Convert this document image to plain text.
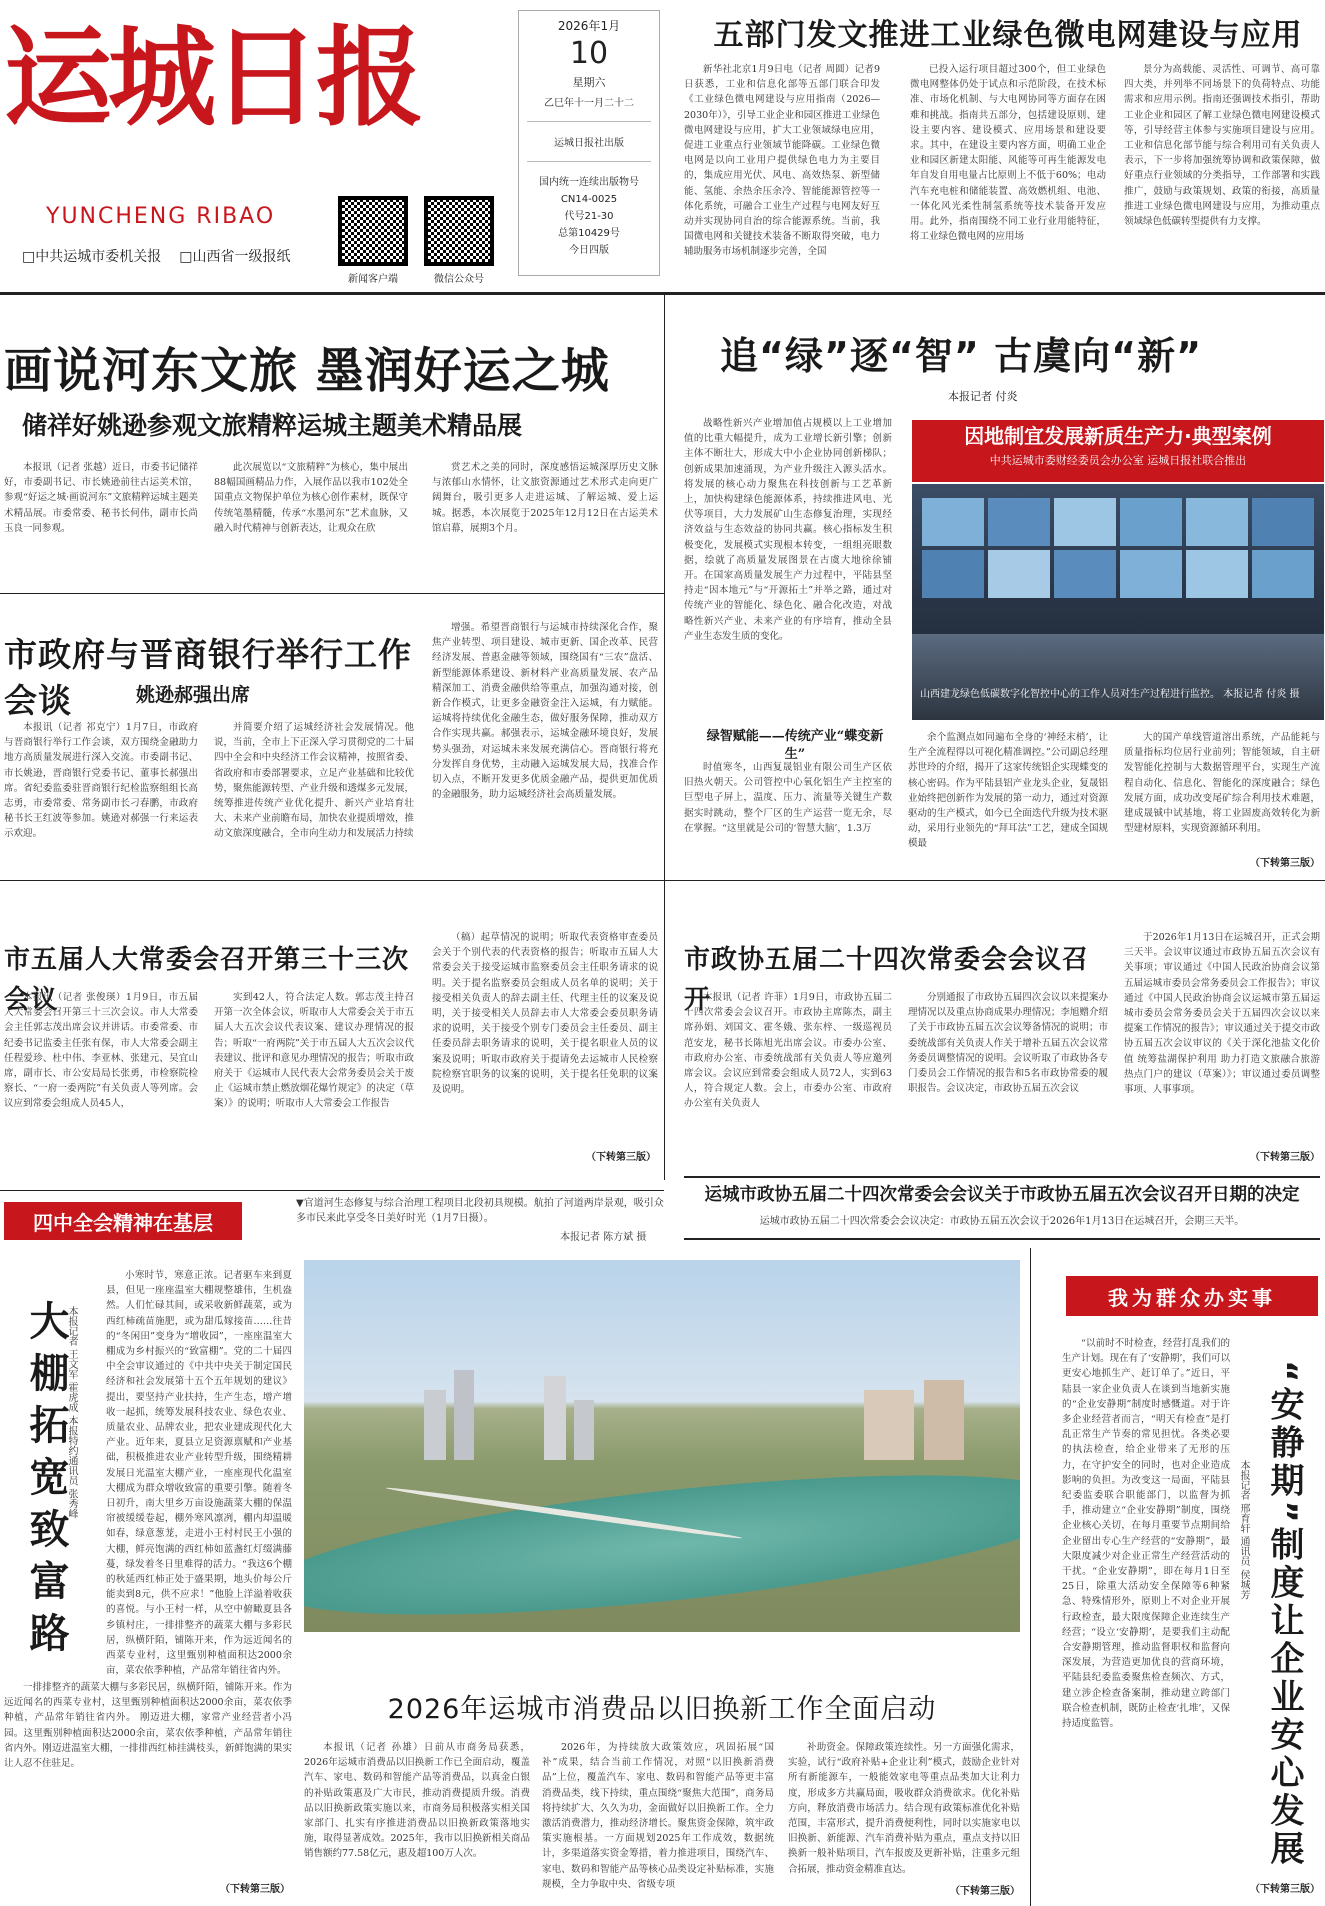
运城日报
YUNCHENG RIBAO
□中共运城市委机关报 □山西省一级报纸
2026年1月
10
星期六
乙巳年十一月二十二
运城日报社出版
国内统一连续出版物号
CN14-0025
代号21-30
总第10429号
今日四版
新闻客户端	微信公众号
五部门发文推进工业绿色微电网建设与应用

新华社北京1月9日电（记者 周圆）记者9日获悉，工业和信息化部等五部门联合印发《工业绿色微电网建设与应用指南（2026—2030年）》，引导工业企业和园区推进工业绿色微电网建设与应用，扩大工业领域绿电应用，促进工业重点行业领域节能降碳。工业绿色微电网是以向工业用户提供绿色电力为主要目的，集成应用光伏、风电、高效热泵、新型储能、氢能、余热余压余冷、智能能源管控等一体化系统，可融合工业生产过程与电网友好互动并实现协同自治的综合能源系统。当前，我国微电网和关键技术装备不断取得突破，电力辅助服务市场机制逐步完善，全国

已投入运行项目超过300个，但工业绿色微电网整体仍处于试点和示范阶段，在技术标准、市场化机制、与大电网协同等方面存在困难和挑战。指南共五部分，包括建设原则、建设主要内容、建设模式、应用场景和建设要求。其中，在建设主要内容方面，明确工业企业和园区新建太阳能、风能等可再生能源发电年自发自用电量占比原则上不低于60%；电动汽车充电桩和储能装置、高效燃机组、电池、一体化风光柔性制氢系统等技术装备开发应用。此外，指南围绕不同工业行业用能特征，将工业绿色微电网的应用场

景分为高载能、灵活性、可调节、高可靠四大类，并列举不同场景下的负荷特点、功能需求和应用示例。指南还强调技术指引，帮助工业企业和园区了解工业绿色微电网建设模式等，引导经营主体参与实施项目建设与应用。工业和信息化部节能与综合利用司有关负责人表示，下一步将加强统筹协调和政策保障，做好重点行业领域的分类指导，工作部署和实践推广，鼓励与政策规划、政策的衔接，高质量推进工业绿色微电网建设与应用，为推动重点领域绿色低碳转型提供有力支撑。

画说河东文旅 墨润好运之城
储祥好姚逊参观文旅精粹运城主题美术精品展

本报讯（记者 张越）近日，市委书记储祥好，市委副书记、市长姚逊前往古运美术馆，参观“好运之城·画说河东”文旅精粹运城主题美术精品展。市委常委、秘书长何伟，副市长尚玉良一同参观。

此次展览以“文旅精粹”为核心，集中展出88幅国画精品力作，入展作品以我市102处全国重点文物保护单位为核心创作素材，既保守传统笔墨精髓，传承“水墨河东”艺术血脉，又融入时代精神与创新表达，让观众在欣

赏艺术之美的同时，深度感悟运城深厚历史文脉与浓郁山水情怀，让文旅资源通过艺术形式走向更广阔舞台，吸引更多人走进运城、了解运城、爱上运城。据悉，本次展览于2025年12月12日在古运美术馆启幕，展期3个月。

市政府与晋商银行举行工作会谈	姚逊郝强出席

本报讯（记者 祁克宁）1月7日，市政府与晋商银行举行工作会谈，双方围绕金融助力地方高质量发展进行深入交流。市委副书记、市长姚逊，晋商银行党委书记、董事长郝强出席。省纪委监委驻晋商银行纪检监察组组长高志勇，市委常委、常务副市长刁春鹏，市政府秘书长王红波等参加。姚逊对郝强一行来运表示欢迎。

并简要介绍了运城经济社会发展情况。他说，当前，全市上下正深入学习贯彻党的二十届四中全会和中央经济工作会议精神，按照省委、省政府和市委部署要求，立足产业基础和比较优势，聚焦能源转型、产业升级和透煤多元发展，统筹推进传统产业优化提升、新兴产业培育壮大、未来产业前瞻布局，加快农业提质增效，推动文旅深度融合，全市向生动力和发展活力持续

增强。希望晋商银行与运城市持续深化合作，聚焦产业转型、项目建设、城市更新、国企改革、民营经济发展、普惠金融等领域，围绕国有“三农”盘活、新型能源体系建设、新材料产业高质量发展、农产品精深加工、消费金融供给等重点，加强沟通对接，创新合作模式，让更多金融资金注入运城，有力赋能。运城将持续优化金融生态，做好服务保障，推动双方合作实现共赢。郝强表示，运城金融环境良好，发展势头强劲，对运城未来发展充满信心。晋商银行将充分发挥自身优势，主动融入运城发展大局，找准合作切入点，不断开发更多优质金融产品，提供更加优质的金融服务，助力运城经济社会高质量发展。

追“绿”逐“智” 古虞向“新”
本报记者 付炎

战略性新兴产业增加值占规模以上工业增加值的比重大幅提升，成为工业增长新引擎；创新主体不断壮大，形成大中小企业协同创新梯队；创新成果加速涌现，为产业升级注入源头活水。将发展的核心动力聚焦在科技创新与工艺革新上，加快构建绿色能源体系，持续推进风电、光伏等项目，大力发展矿山生态修复治理，实现经济效益与生态效益的协同共赢。核心指标发生积极变化，发展模式实现根本转变，一组组亮眼数据，绘就了高质量发展图景在古虞大地徐徐铺开。在国家高质量发展生产力过程中，平陆县坚持走“因本地元”与“开源拓土”并举之路，通过对传统产业的智能化、绿色化、融合化改造，对战略性新兴产业、未来产业的有序培育，推动全县产业生态发生质的变化。

因地制宜发展新质生产力·典型案例
中共运城市委财经委员会办公室 运城日报社联合推出
山西建龙绿色低碳数字化智控中心的工作人员对生产过程进行监控。 本报记者 付炎 摄
绿智赋能——传统产业“蝶变新生”

时值寒冬，山西复晟铝业有限公司生产区依旧热火朝天。公司管控中心氧化铝生产主控室的巨型电子屏上，温度、压力、流量等关键生产数据实时跳动，整个厂区的生产运营一览无余，尽在掌握。“这里就是公司的‘智慧大脑’，1.3万

余个监测点如同遍布全身的‘神经末梢’，让生产全流程得以可视化精准调控。”公司副总经理苏世玲的介绍，揭开了这家传统铝企实现蝶变的核心密码。作为平陆县铝产业龙头企业，复晟铝业始终把创新作为发展的第一动力，通过对资源驱动的生产模式，如今已全面迭代升级为技术驱动，采用行业领先的“拜耳法”工艺，建成全国规模最

大的国产单线管道溶出系统，产品能耗与质量指标均位居行业前列；智能领域，自主研发智能化控制与大数据管理平台，实现生产流程自动化、信息化、智能化的深度融合；绿色发展方面，成功改变尾矿综合利用技术难题，建成晟铖中试基地，将工业固废高效转化为新型建材原料，实现资源循环利用。

（下转第三版）
市五届人大常委会召开第三十三次会议

本报讯（记者 张俊瑛）1月9日，市五届人大常委会召开第三十三次会议。市人大常委会主任郭志茂出席会议并讲话。市委常委、市纪委书记监委主任张有保，市人大常委会副主任程爱珍、杜中伟、李亚林、张建元、吴宜山席，副市长、市公安局局长张勇，市检察院检察长、“一府一委两院”有关负责人等列席。会议应到常委会组成人员45人，

实到42人，符合法定人数。郭志茂主持召开第一次全体会议，听取市人大常委会关于市五届人大五次会议代表议案、建议办理情况的报告；听取“一府两院”关于市五届人大五次会议代表建议、批评和意见办理情况的报告；听取市政府关于《运城市人民代表大会常务委员会关于废止《运城市禁止燃放烟花爆竹规定》的决定（草案）》的说明；听取市人大常委会工作报告

（稿）起草情况的说明；听取代表资格审查委员会关于个别代表的代表资格的报告；听取市五届人大常委会关于接受运城市监察委员会主任职务请求的说明。关于提名监察委员会组成人员名单的说明；关于接受相关负责人的辞去副主任、代理主任的议案及说明，关于接受相关人员辞去市人大常委会委员职务请求的说明，关于接受个别专门委员会主任委员、副主任委员辞去职务请求的说明，关于提名职业人员的议案及说明；听取市政府关于提请免去运城市人民检察院检察官职务的议案的说明，关于提名任免职的议案及说明。

（下转第三版）
市政协五届二十四次常委会会议召开

本报讯（记者 许菲）1月9日，市政协五届二十四次常委会会议召开。市政协主席陈杰，副主席孙娟、刘国文、霍冬娥、张东梓、一级巡视员范安龙，秘书长陈旭光出席会议。市委办公室、市政府办公室、市委统战部有关负责人等应邀列席会议。会议应到常委会组成人员72人，实到63人，符合规定人数。会上，市委办公室、市政府办公室有关负责人

分别通报了市政协五届四次会议以来提案办理情况以及重点协商成果办理情况；李旭赠介绍了关于市政协五届五次会议筹备情况的说明；市委统战部有关负责人作关于增补五届五次会议常务委员调整情况的说明。会议听取了市政协各专门委员会工作情况的报告和5名市政协常委的履职报告。会议决定，市政协五届五次会议

于2026年1月13日在运城召开，正式会期三天半。会议审议通过市政协五届五次会议有关事项；审议通过《中国人民政治协商会议第五届运城市委员会常务委员会工作报告》；审议通过《中国人民政治协商会议运城市第五届运城市委员会常务委员会关于五届四次会议以来提案工作情况的报告》；审议通过关于提交市政协五届五次会议审议的《关于深化池盐文化价值 统筹盐湖保护利用 助力打造文旅融合旅游热点门户的建议（草案）》；审议通过委员调整事项、人事事项。

（下转第三版）
运城市政协五届二十四次常委会会议关于市政协五届五次会议召开日期的决定
运城市政协五届二十四次常委会会议决定：市政协五届五次会议于2026年1月13日在运城召开，会期三天半。
四中全会精神在基层
▼官道河生态修复与综合治理工程项目北段初具规模。航拍了河道两岸景观，吸引众多市民来此享受冬日美好时光（1月7日摄）。
本报记者 陈方斌 摄
大棚拓宽致富路
本报记者 王文军 霍虎成 本报特约通讯员 张秀峰

小寒时节，寒意正浓。记者驱车来到夏县，但见一座座温室大棚规整雄伟，生机盎然。人们忙碌其间，或采收新鲜蔬菜，或为西红柿疏苗施肥，或为甜瓜嫁接苗……往昔的“冬闲田”变身为“增收园”，一座座温室大棚成为乡村振兴的“致富棚”。党的二十届四中全会审议通过的《中共中央关于制定国民经济和社会发展第十五个五年规划的建议》提出，要坚持产业扶持，生产生态，增产增收一起抓，统筹发展科技农业、绿色农业、质量农业、品牌农业，把农业建成现代化大产业。近年来，夏县立足资源禀赋和产业基础，积极推进农业产业转型升级，围绕精耕发展日光温室大棚产业，一座座现代化温室大棚成为群众增收致富的重要引擎。随着冬日初升，南大里乡万亩设施蔬菜大棚的保温帘被缓缓卷起，棚外寒风凛冽，棚内却温暖如春，绿意葱茏，走进小王村村民王小强的大棚，鲜亮饱满的西红柿如蓝盏红灯缀满藤蔓，绿发着冬日里难得的活力。“我这6个棚的秋延西红柿正处于盛果期，地头价每公斤能卖到8元，供不应求！”他脸上洋溢着收获的喜悦。与小王村一样，从空中俯瞰夏县各乡镇村庄，一排排整齐的蔬菜大棚与多彩民居，纵横阡陌，铺陈开来，作为远近闻名的西菜专业村，这里甄别种植面积达2000余亩，菜农依季种植，产品常年销往省内外。

一排排整齐的蔬菜大棚与多彩民居，纵横阡陌，铺陈开来。作为远近闻名的西菜专业村，这里甄别种植面积达2000余亩，菜农依季种植，产品常年销往省内外。 刚迈进大棚，家常产业经营者小冯园。这里甄别种植面积达2000余亩，菜农依季种植，产品常年销往省内外。刚迈进温室大棚，一排排西红柿挂满枝头，新鲜饱满的果实让人忍不住驻足。

（下转第三版）
2026年运城市消费品以旧换新工作全面启动

本报讯（记者 孙雄）日前从市商务局获悉，2026年运城市消费品以旧换新工作已全面启动，覆盖汽车、家电、数码和智能产品等消费品，以真金白银的补贴政策惠及广大市民，推动消费提质升级。消费品以旧换新政策实施以来，市商务局积极落实相关国家部门、扎实有序推进消费品以旧换新政策落地实施，取得显著成效。2025年，我市以旧换新相关商品销售额约77.58亿元，惠及超100万人次。

2026年，为持续放大政策效应，巩固拓展“国补”成果，结合当前工作情况，对照“以旧换新消费品”上位，覆盖汽车、家电、数码和智能产品等更丰富消费品类，线下持续，重点围绕“聚焦大范围”，商务局将持续扩大、久久为功，金面做好以旧换新工作。全力激活消费潜力，推动经济增长。聚焦资金保障，筑牢政策实施根基。一方面规划2025年工作成效，数据统计，多渠道落实资金筹措，着力推进项目，围绕汽车、家电、数码和智能产品等核心品类设定补贴标准，实施规模，全力争取中央、省级专项

补助资金。保障政策连续性。另一方面强化需求，实验，试行“政府补贴+企业让利”模式，鼓励企业针对所有新能源车，一般能效家电等重点品类加大让利力度，形成多方共赢局面，吸收群众消费欲求。优化补贴方向，释放消费市场活力。结合现有政策标准优化补贴范围，丰富形式，提升消费便利性，同时以实施家电以旧换新、新能源、汽车消费补贴为重点，重点支持以旧换新一般补贴项目，汽车报废及更新补贴，注重多元组合拓展，推动资金精准直达。

（下转第三版）
我为群众办实事

“以前时不时检查，经营打乱我们的生产计划。现在有了‘安静期’，我们可以更安心地抓生产、赶订单了。”近日，平陆县一家企业负责人在谈到当地新实施的“企业安静期”制度时感慨道。对于许多企业经营者而言，“明天有检查”是打乱正常生产节奏的常见担忧。各类必要的执法检查，给企业带来了无形的压力，在守护安全的同时，也对企业造成影响的负担。为改变这一局面，平陆县纪委监委联合职能部门，以监督为抓手，推动建立“企业安静期”制度，围绕企业核心关切，在每月重要节点期间给企业留出专心生产经营的“安静期”，最大限度减少对企业正常生产经营活动的干扰。“企业安静期”，即在每月1日至25日，除重大活动安全保障等6种紧急、特殊情形外，原则上不对企业开展行政检查，最大限度保障企业连续生产经营；“设立‘安静期’，是要我们主动配合安静期管理，推动监督职权和监督向深发展，为营造更加优良的营商环境，平陆县纪委监委聚焦检查频次、方式，建立涉企检查备案制，推动建立跨部门联合检查机制，既防止检查‘扎堆’，又保持适度监管。	“安静期”制度让企业安心发展
本报记者 邢育轩 通讯员 侯城芳
（下转第三版）
